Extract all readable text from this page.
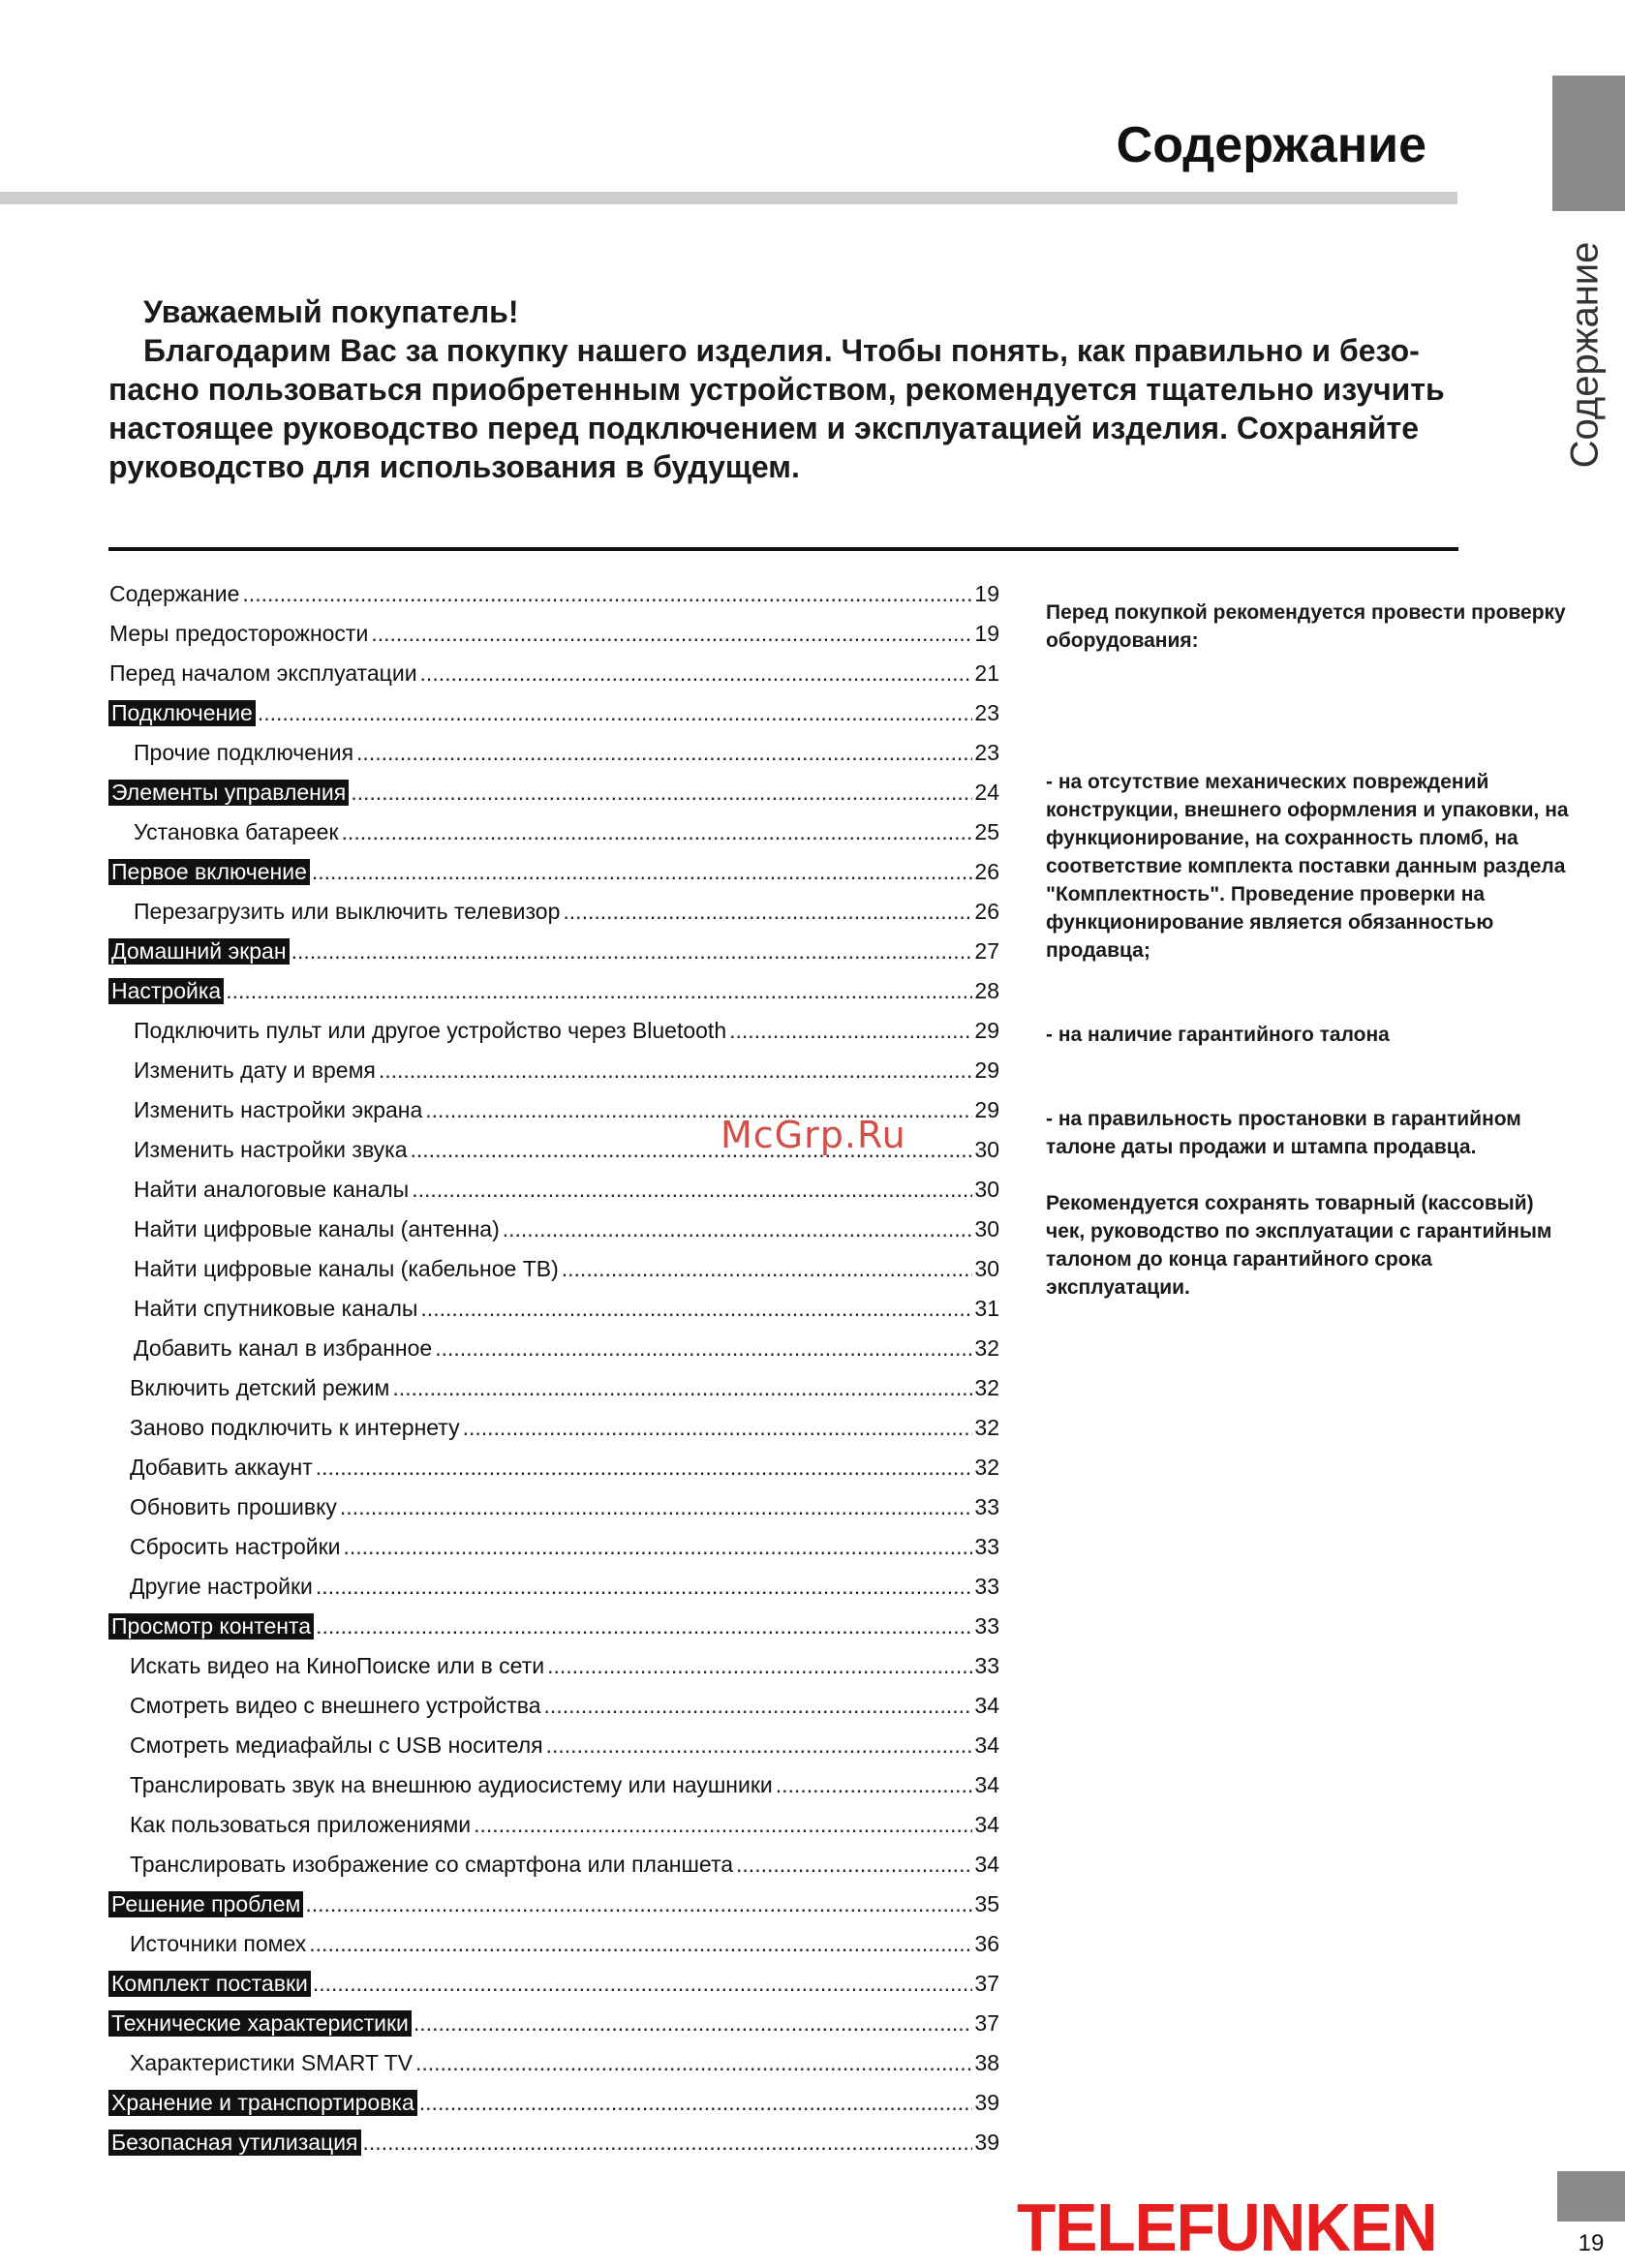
Содержание
Содержание
Уважаемый покупатель!
Благодарим Вас за покупку нашего изделия. Чтобы понять, как правильно и безо-
пасно пользоваться приобретенным устройством, рекомендуется тщательно изучить настоящее руководство перед подключением и эксплуатацией изделия. Сохраняйте руководство для использования в будущем.
Содержание
.....	19
Меры предосторожности
.....	19
Перед началом эксплуатации
.....	21
Подключение
.....	23
Прочие подключения
.....	23
Элементы управления
.....	24
Установка батареек
.....	25
Первое включение
.....	26
Перезагрузить или выключить телевизор
.....	26
Домашний экран
.....	27
Настройка
.....	28
Подключить пульт или другое устройство через Bluetooth
.....	29
Изменить дату и время
.....	29
Изменить настройки экрана
.....	29
Изменить настройки звука
.....	30
Найти аналоговые каналы
.....	30
Найти цифровые каналы (антенна)
.....	30
Найти цифровые каналы (кабельное ТВ)
.....	30
Найти спутниковые каналы
.....	31
Добавить канал в избранное
.....	32
Включить детский режим
.....	32
Заново подключить к интернету
.....	32
Добавить аккаунт
.....	32
Обновить прошивку
.....	33
Сбросить настройки
.....	33
Другие настройки
.....	33
Просмотр контента
.....	33
Искать видео на КиноПоиске или в сети
.....	33
Смотреть видео с внешнего устройства
.....	34
Смотреть медиафайлы с USB носителя
.....	34
Транслировать звук на внешнюю аудиосистему или наушники
.....	34
Как пользоваться приложениями
.....	34
Транслировать изображение со смартфона или планшета
.....	34
Решение проблем
.....	35
Источники помех
.....	36
Комплект поставки
.....	37
Технические характеристики
.....	37
Характеристики SMART TV
.....	38
Хранение и транспортировка
.....	39
Безопасная утилизация
.....	39

Перед покупкой рекомендуется провести проверку оборудования:

- на отсутствие механических повреждений конструкции, внешнего оформления и упаковки, на функционирование, на сохранность пломб, на соответствие комплекта поставки данным раздела "Комплектность". Проведение проверки на функционирование является обязанностью продавца;

- на наличие гарантийного талона

- на правильность простановки в гарантийном талоне даты продажи и штампа продавца.

Рекомендуется сохранять товарный (кассовый) чек, руководство по эксплуатации с гарантийным талоном до конца гарантийного срока эксплуатации.

McGrp.Ru
TELEFUNKEN	19
